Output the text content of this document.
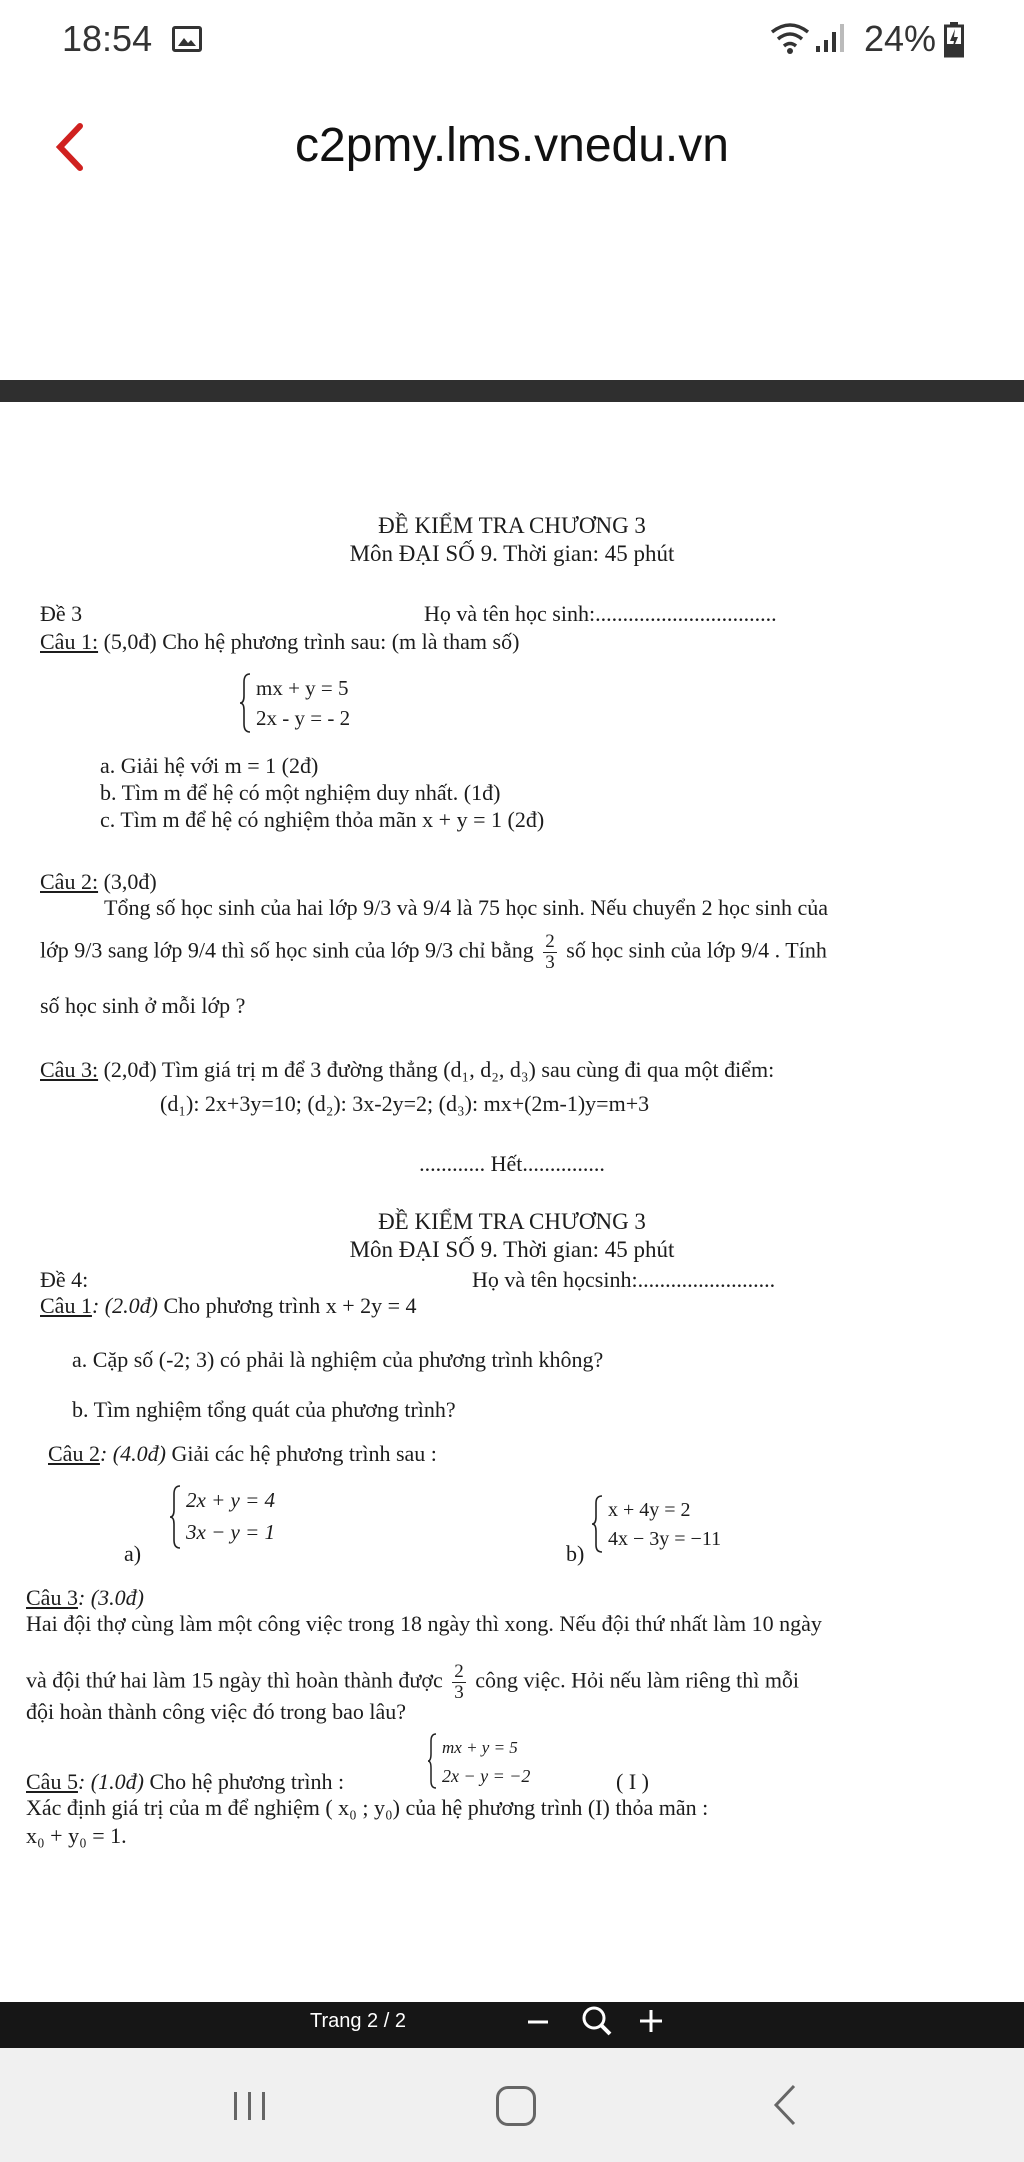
18:54	24%
c2pmy.lms.vnedu.vn
ĐỀ KIỂM TRA CHƯƠNG 3
Môn ĐẠI SỐ 9. Thời gian: 45 phút
Đề 3	Họ và tên học sinh:.................................
Câu 1: (5,0đ) Cho hệ phương trình sau: (m là tham số)
mx + y = 5
2x - y = - 2
a. Giải hệ với m = 1 (2đ)
b. Tìm m để hệ có một nghiệm duy nhất. (1đ)
c. Tìm m để hệ có nghiệm thỏa mãn x + y = 1 (2đ)
Câu 2: (3,0đ)
Tổng số học sinh của hai lớp 9/3 và 9/4 là 75 học sinh. Nếu chuyển 2 học sinh của
lớp 9/3 sang lớp 9/4 thì số học sinh của lớp 9/3 chỉ bằng $\frac{2}{3}$ số học sinh của lớp 9/4 . Tính
số học sinh ở mỗi lớp ?
Câu 3: (2,0đ) Tìm giá trị m để 3 đường thẳng (d₁, d₂, d₃) sau cùng đi qua một điểm:
(d₁): 2x+3y=10; (d₂): 3x-2y=2; (d₃): mx+(2m-1)y=m+3
............ Hết...............
ĐỀ KIỂM TRA CHƯƠNG 3
Môn ĐẠI SỐ 9. Thời gian: 45 phút
Đề 4:	Họ và tên họcsinh:.........................
Câu 1: (2.0đ) Cho phương trình x + 2y = 4
a. Cặp số (-2; 3) có phải là nghiệm của phương trình không?
b. Tìm nghiệm tổng quát của phương trình?
Câu 2: (4.0đ) Giải các hệ phương trình sau :
a)
2x + y = 4
3x − y = 1
b)
x + 4y = 2
4x − 3y = −11
Câu 3: (3.0đ)
Hai đội thợ cùng làm một công việc trong 18 ngày thì xong. Nếu đội thứ nhất làm 10 ngày
và đội thứ hai làm 15 ngày thì hoàn thành được $\frac{2}{3}$ công việc. Hỏi nếu làm riêng thì mỗi
đội hoàn thành công việc đó trong bao lâu?
Câu 5: (1.0đ) Cho hệ phương trình :
mx + y = 5
2x − y = −2	( I )
Xác định giá trị của m để nghiệm ( x₀ ; y₀) của hệ phương trình (I) thỏa mãn :
x₀ + y₀ = 1.
Trang 2 / 2
